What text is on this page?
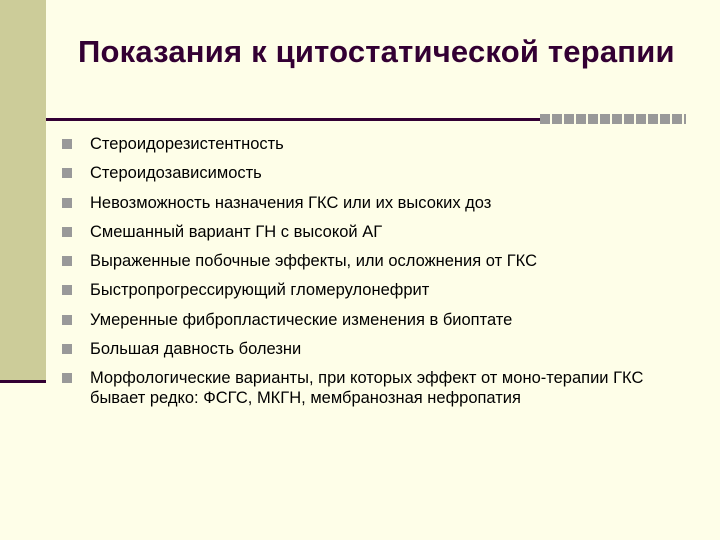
Показания к цитостатической терапии
Стероидорезистентность
Стероидозависимость
Невозможность назначения ГКС или их высоких доз
Смешанный вариант ГН с высокой АГ
Выраженные побочные эффекты, или осложнения от ГКС
Быстропрогрессирующий гломерулонефрит
Умеренные фибропластические изменения в биоптате
Большая давность болезни
Морфологические варианты, при которых эффект от моно-терапии ГКС бывает редко: ФСГС, МКГН, мембранозная нефропатия
